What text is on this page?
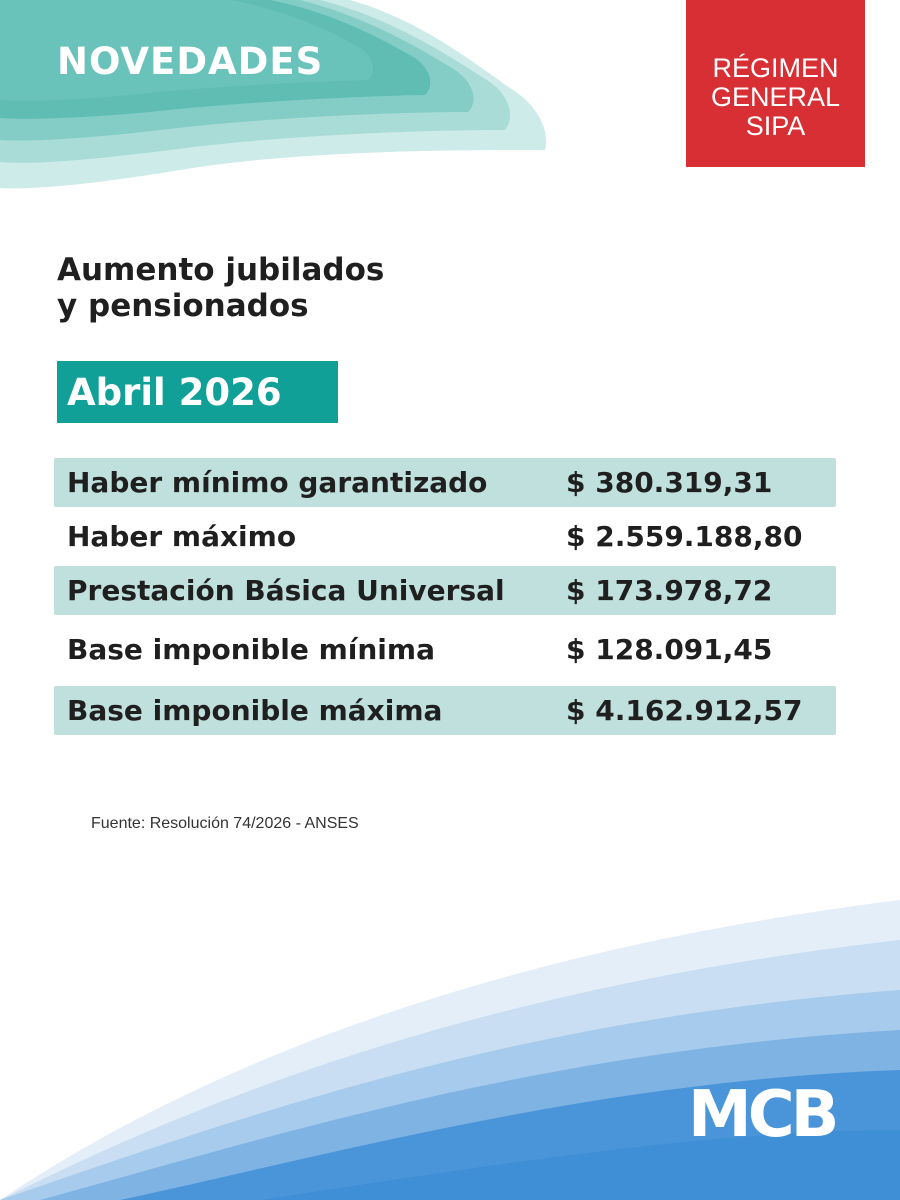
NOVEDADES	RÉGIMEN
GENERAL
SIPA
Aumento jubilados
y pensionados
Abril 2026
Haber mínimo garantizado	$ 380.319,31
Haber máximo	$ 2.559.188,80
Prestación Básica Universal $ 173.978,72
Base imponible mínima	$ 128.091,45
Base imponible máxima	$ 4.162.912,57
Fuente: Resolución 74/2026 - ANSES
MCB
